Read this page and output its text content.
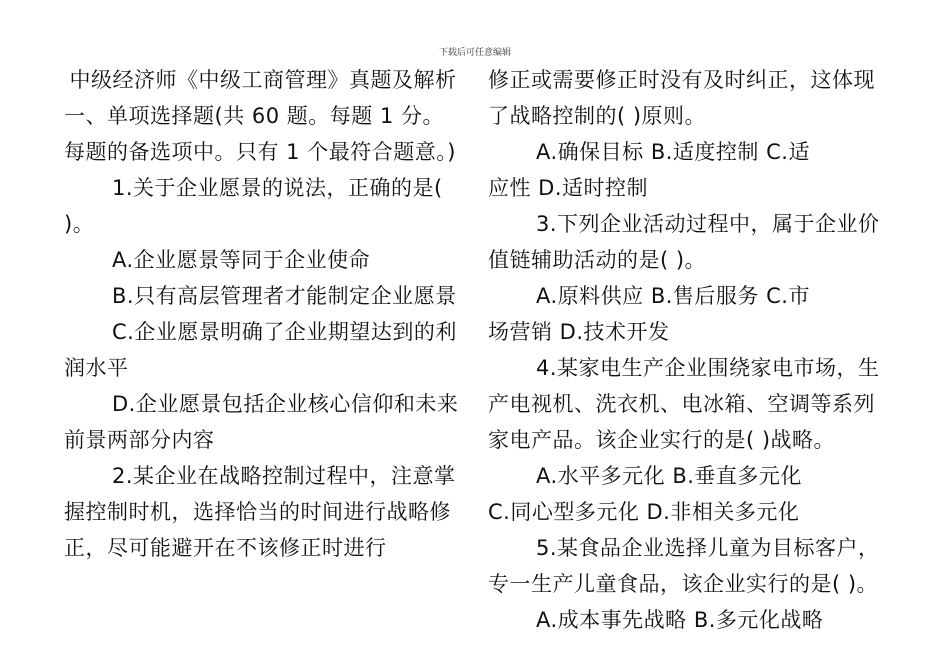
下载后可任意编辑

中级经济师《中级工商管理》真题及解析

一、单项选择题(共 60 题。每题 1 分。每题的备选项中。只有 1 个最符合题意。)

1.关于企业愿景的说法，正确的是( )。

A.企业愿景等同于企业使命

B.只有高层管理者才能制定企业愿景

C.企业愿景明确了企业期望达到的利润水平

D.企业愿景包括企业核心信仰和未来前景两部分内容

2.某企业在战略控制过程中，注意掌握控制时机，选择恰当的时间进行战略修正，尽可能避开在不该修正时进行

修正或需要修正时没有及时纠正，这体现了战略控制的( )原则。

A.确保目标 B.适度控制 C.适

应性 D.适时控制

3.下列企业活动过程中，属于企业价值链辅助活动的是( )。

A.原料供应 B.售后服务 C.市

场营销 D.技术开发

4.某家电生产企业围绕家电市场，生产电视机、洗衣机、电冰箱、空调等系列家电产品。该企业实行的是( )战略。

A.水平多元化 B.垂直多元化

C.同心型多元化 D.非相关多元化

5.某食品企业选择儿童为目标客户，专一生产儿童食品，该企业实行的是( )。

A.成本事先战略 B.多元化战略
